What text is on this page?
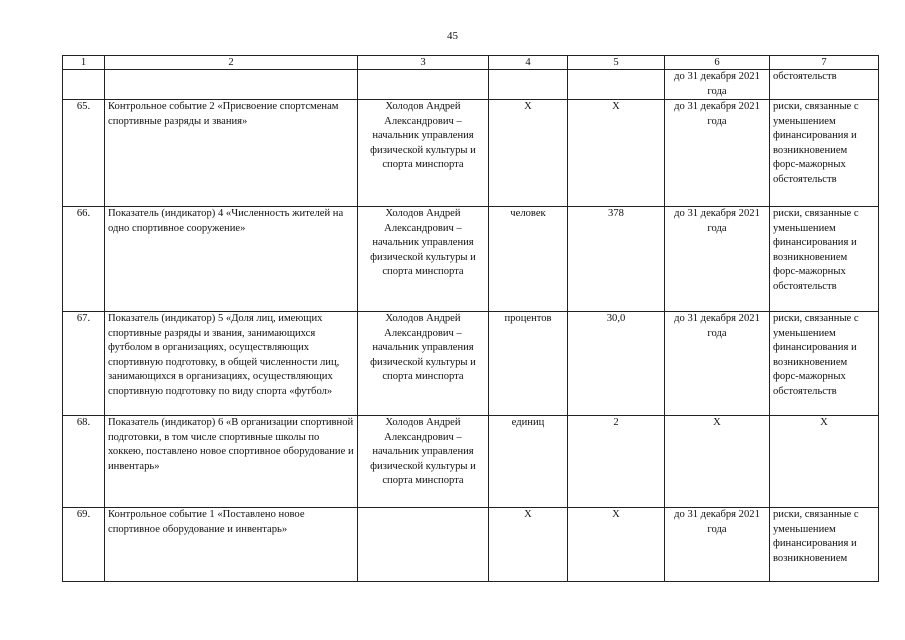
45
1	2	3	4	5	6	7
					до 31 декабря 2021 года	обстоятельств
65.	Контрольное событие 2 «Присвоение спортсменам спортивные разряды и звания»	Холодов Андрей Александрович – начальник управления физической культуры и спорта минспорта	Х	Х	до 31 декабря 2021 года	риски, связанные с уменьшением финансирования и возникновением форс-мажорных обстоятельств
66.	Показатель (индикатор) 4 «Численность жителей на одно спортивное сооружение»	Холодов Андрей Александрович – начальник управления физической культуры и спорта минспорта	человек	378	до 31 декабря 2021 года	риски, связанные с уменьшением финансирования и возникновением форс-мажорных обстоятельств
67.	Показатель (индикатор) 5 «Доля лиц, имеющих спортивные разряды и звания, занимающихся футболом в организациях, осуществляющих спортивную подготовку, в общей численности лиц, занимающихся в организациях, осуществляющих спортивную подготовку по виду спорта «футбол»	Холодов Андрей Александрович – начальник управления физической культуры и спорта минспорта	процентов	30,0	до 31 декабря 2021 года	риски, связанные с уменьшением финансирования и возникновением форс-мажорных обстоятельств
68.	Показатель (индикатор) 6 «В организации спортивной подготовки, в том числе спортивные школы по хоккею, поставлено новое спортивное оборудование и инвентарь»	Холодов Андрей Александрович – начальник управления физической культуры и спорта минспорта	единиц	2	Х	Х
69.	Контрольное событие 1 «Поставлено новое спортивное оборудование и инвентарь»		Х	Х	до 31 декабря 2021 года	риски, связанные с уменьшением финансирования и возникновением
